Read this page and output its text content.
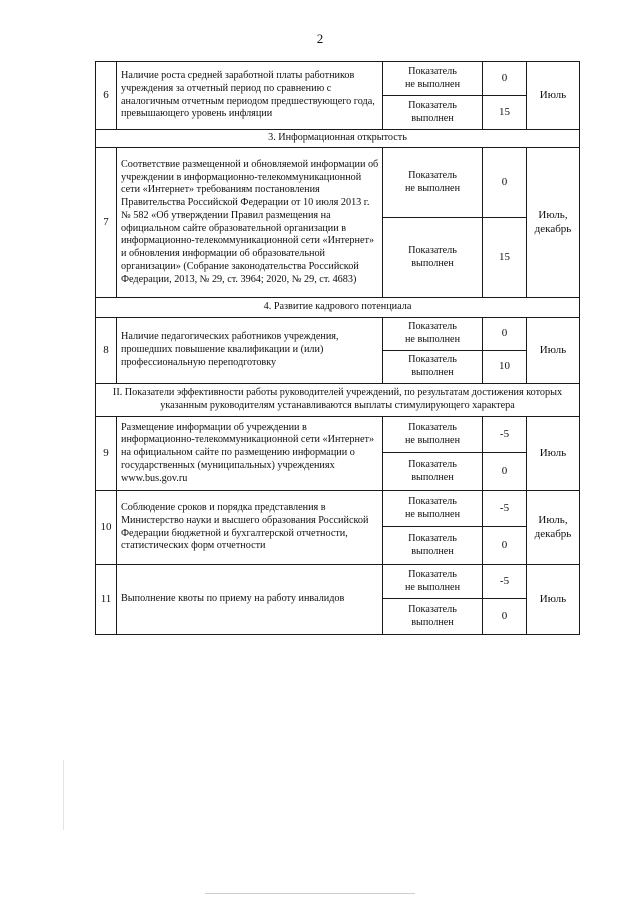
2
6	Наличие роста средней заработной платы работников учреждения за отчетный период по сравнению с аналогичным отчетным периодом предшествующего года, превышающего уровень инфляции	Показатель
не выполнен	0	Июль
		Показатель
выполнен	15	
3. Информационная открытость				
7	Соответствие размещенной и обновляемой информации об учреждении в информационно-телекоммуникационной сети «Интернет» требованиям постановления Правительства Российской Федерации от 10 июля 2013 г. № 582 «Об утверждении Правил размещения на официальном сайте образовательной организации в информационно-телекоммуникационной сети «Интернет» и обновления информации об образовательной организации» (Собрание законодательства Российской Федерации, 2013, № 29, ст. 3964; 2020, № 29, ст. 4683)	Показатель
не выполнен	0	Июль,
декабрь
		Показатель
выполнен	15	
4. Развитие кадрового потенциала				
8	Наличие педагогических работников учреждения, прошедших повышение квалификации и (или) профессиональную переподготовку	Показатель
не выполнен	0	Июль
		Показатель
выполнен	10	
II. Показатели эффективности работы руководителей учреждений, по результатам достижения которых указанным руководителям устанавливаются выплаты стимулирующего характера				
9	Размещение информации об учреждении в информационно-телекоммуникационной сети «Интернет» на официальном сайте по размещению информации о государственных (муниципальных) учреждениях www.bus.gov.ru	Показатель
не выполнен	-5	Июль
		Показатель
выполнен	0	
10	Соблюдение сроков и порядка представления в Министерство науки и высшего образования Российской Федерации бюджетной и бухгалтерской отчетности, статистических форм отчетности	Показатель
не выполнен	-5	Июль,
декабрь
		Показатель
выполнен	0	
11	Выполнение квоты по приему на работу инвалидов	Показатель
не выполнен	-5	Июль
		Показатель
выполнен	0	
